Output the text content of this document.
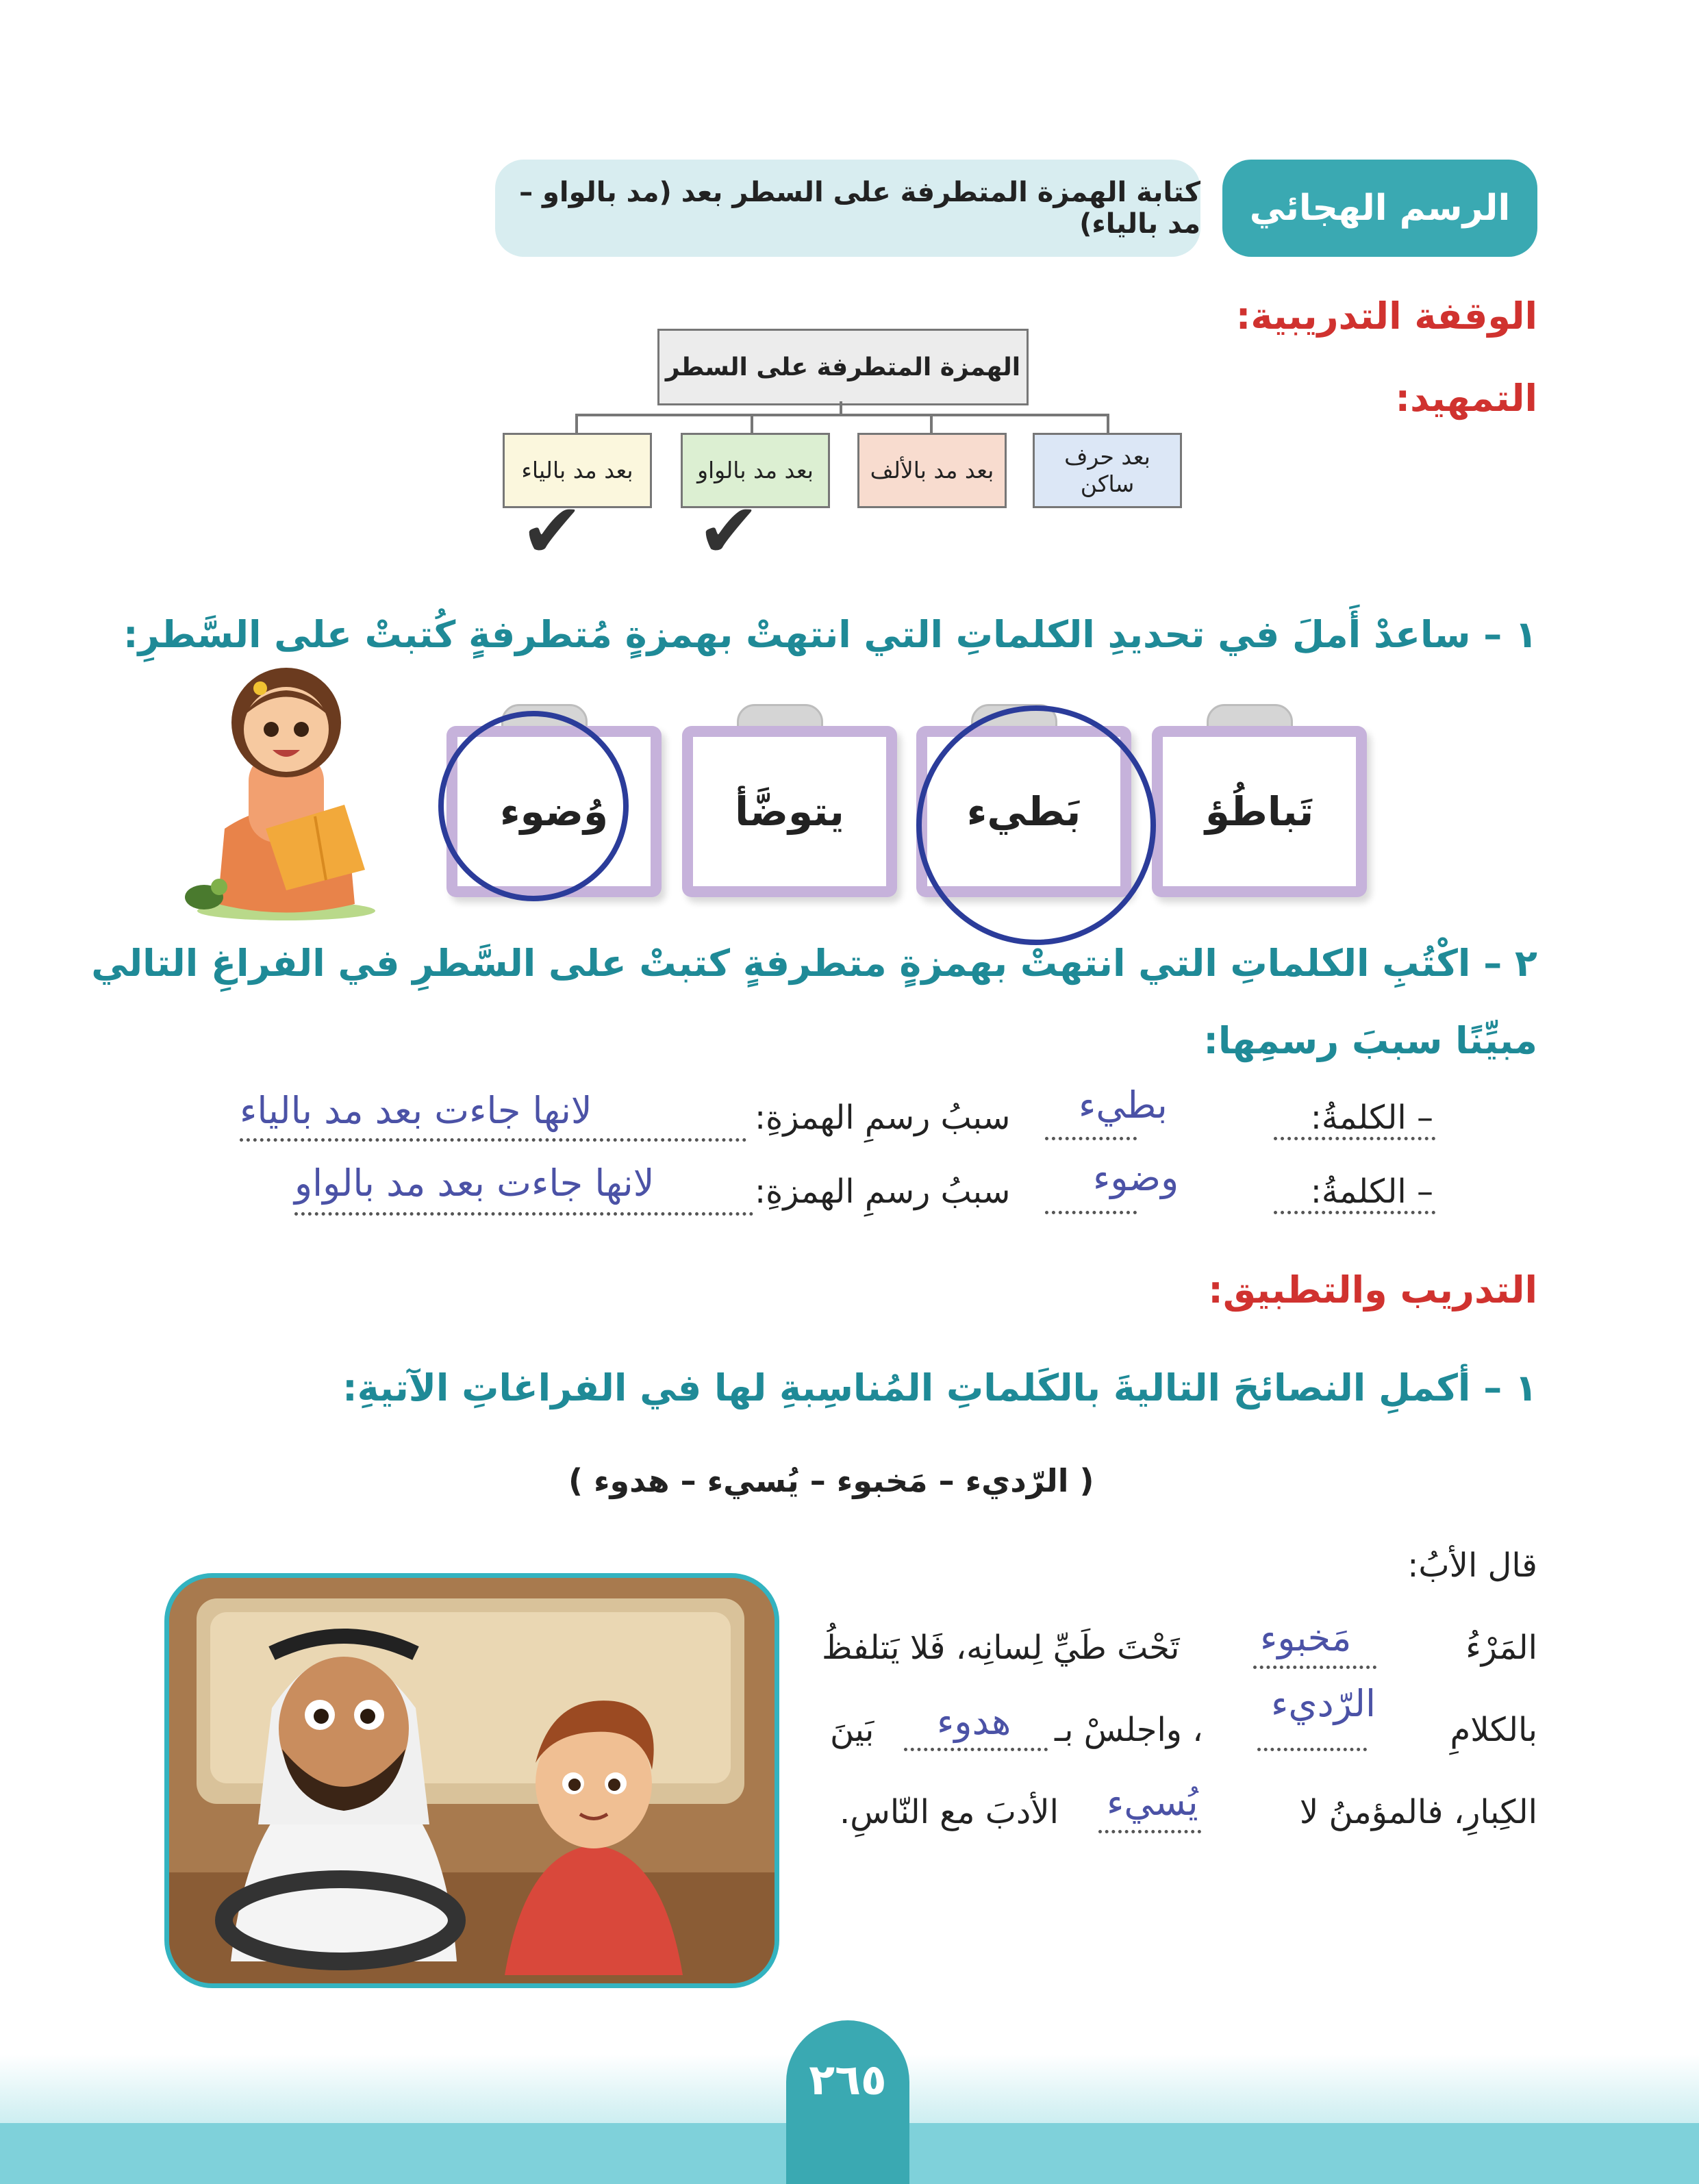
الرسم الهجائي
كتابة الهمزة المتطرفة على السطر بعد (مد بالواو – مد بالياء)
الوقفة التدريبية:
التمهيد:
الهمزة المتطرفة على السطر
بعد حرف ساكن
بعد مد بالألف
بعد مد بالواو
بعد مد بالياء
✔ ✔
١ – ساعدْ أَملَ في تحديدِ الكلماتِ التي انتهتْ بهمزةٍ مُتطرفةٍ كُتبتْ على السَّطرِ:
تَباطُؤ
بَطيء
يتوضَّأ
وُضوء
٢ – اكْتُبِ الكلماتِ التي انتهتْ بهمزةٍ متطرفةٍ كتبتْ على السَّطرِ في الفراغِ التالي
مبيِّنًا سببَ رسمِها:
– الكلمةُ:
بطيء
سببُ رسمِ الهمزةِ:
لانها جاءت بعد مد بالياء
– الكلمةُ:
وضوء
سببُ رسمِ الهمزةِ:
لانها جاءت بعد مد بالواو
التدريب والتطبيق:
١ – أكملِ النصائحَ التاليةَ بالكَلماتِ المُناسِبةِ لها في الفراغاتِ الآتيةِ:
( الرّديء – مَخبوء – يُسيء – هدوء )
قال الأبُ:
المَرْءُ
مَخبوء
تَحْتَ طَيِّ لِسانِه، فَلا يَتلفظُ
بالكلامِ
الرّديء
، واجلسْ بـ
هدوء
بَينَ
الكِبارِ، فالمؤمنُ لا
يُسيء
الأدبَ مع النّاسِ.
٢٦٥
